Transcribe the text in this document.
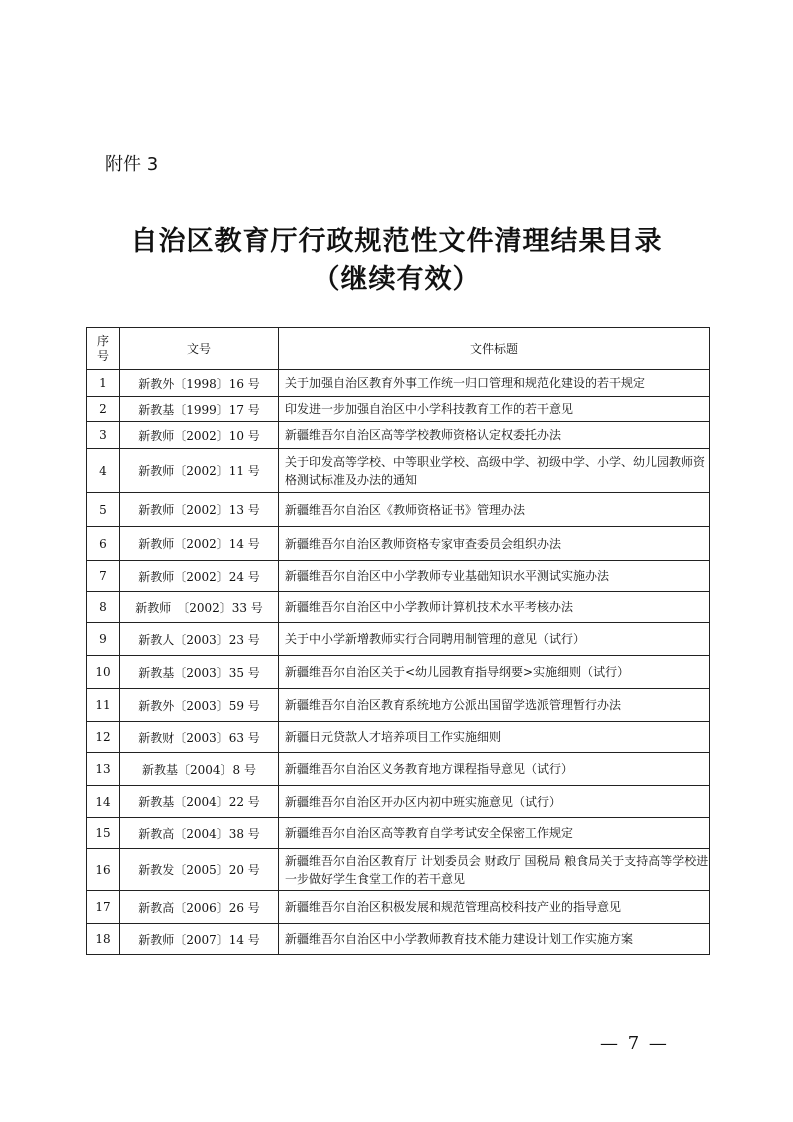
附件 3
自治区教育厅行政规范性文件清理结果目录
（继续有效）
序
号	文号	文件标题
1	新教外〔1998〕16 号	关于加强自治区教育外事工作统一归口管理和规范化建设的若干规定
2	新教基〔1999〕17 号	印发进一步加强自治区中小学科技教育工作的若干意见
3	新教师〔2002〕10 号	新疆维吾尔自治区高等学校教师资格认定权委托办法
4	新教师〔2002〕11 号	关于印发高等学校、中等职业学校、高级中学、初级中学、小学、幼儿园教师资格测试标准及办法的通知
5	新教师〔2002〕13 号	新疆维吾尔自治区《教师资格证书》管理办法
6	新教师〔2002〕14 号	新疆维吾尔自治区教师资格专家审查委员会组织办法
7	新教师〔2002〕24 号	新疆维吾尔自治区中小学教师专业基础知识水平测试实施办法
8	新教师　〔2002〕33 号	新疆维吾尔自治区中小学教师计算机技术水平考核办法
9	新教人〔2003〕23 号	关于中小学新增教师实行合同聘用制管理的意见（试行）
10	新教基〔2003〕35 号	新疆维吾尔自治区关于<幼儿园教育指导纲要>实施细则（试行）
11	新教外〔2003〕59 号	新疆维吾尔自治区教育系统地方公派出国留学选派管理暂行办法
12	新教财〔2003〕63 号	新疆日元贷款人才培养项目工作实施细则
13	新教基〔2004〕8 号	新疆维吾尔自治区义务教育地方课程指导意见（试行）
14	新教基〔2004〕22 号	新疆维吾尔自治区开办区内初中班实施意见（试行）
15	新教高〔2004〕38 号	新疆维吾尔自治区高等教育自学考试安全保密工作规定
16	新教发〔2005〕20 号	新疆维吾尔自治区教育厅 计划委员会 财政厅 国税局 粮食局关于支持高等学校进一步做好学生食堂工作的若干意见
17	新教高〔2006〕26 号	新疆维吾尔自治区积极发展和规范管理高校科技产业的指导意见
18	新教师〔2007〕14 号	新疆维吾尔自治区中小学教师教育技术能力建设计划工作实施方案
— 7 —
